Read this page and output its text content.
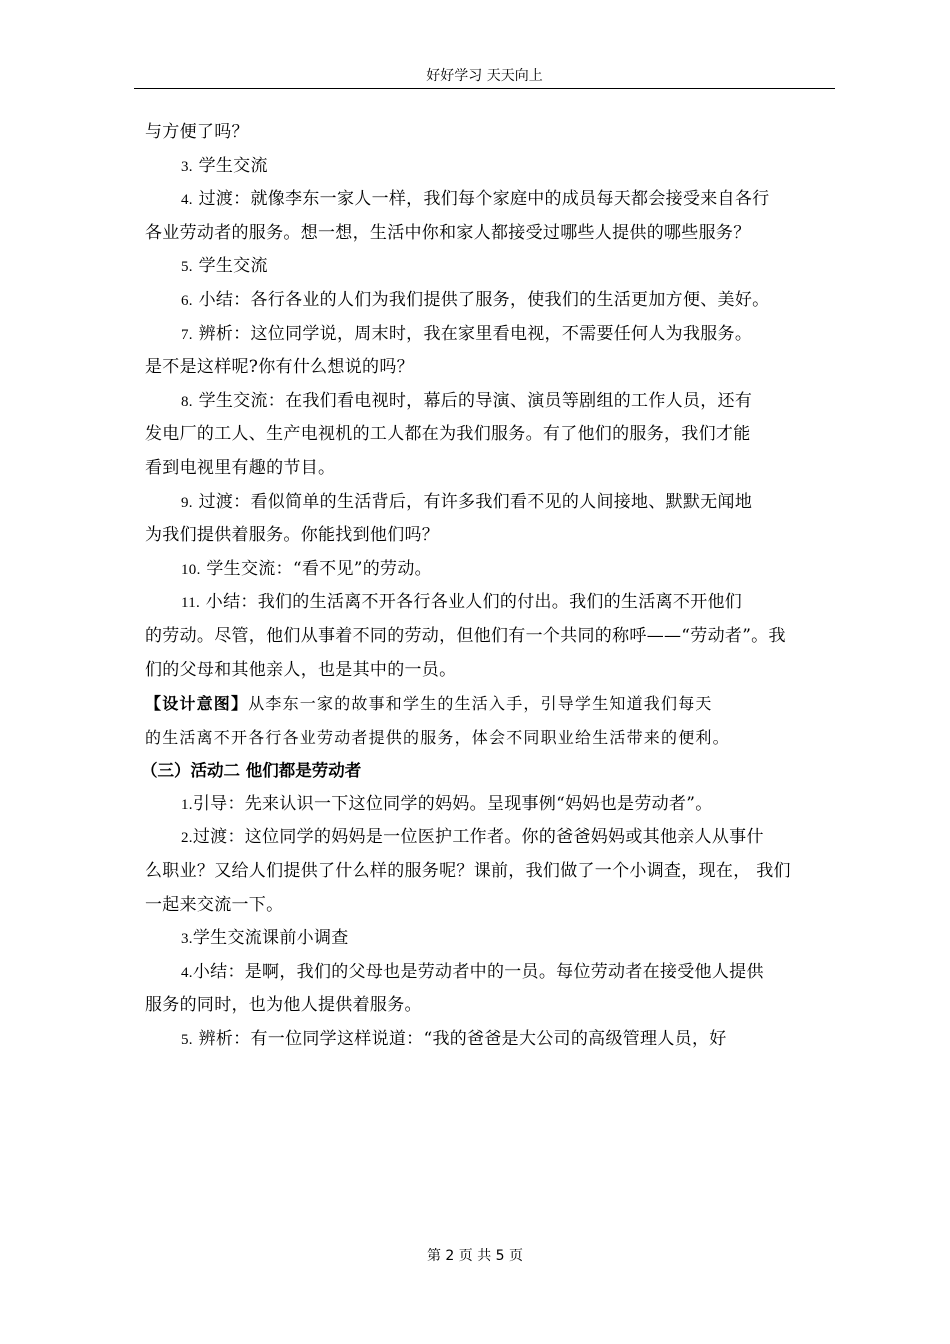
好好学习 天天向上
与方便了吗？
3. 学生交流
4. 过渡：就像李东一家人一样，我们每个家庭中的成员每天都会接受来自各行
各业劳动者的服务。想一想，生活中你和家人都接受过哪些人提供的哪些服务？
5. 学生交流
6. 小结：各行各业的人们为我们提供了服务，使我们的生活更加方便、美好。
7. 辨析：这位同学说，周末时，我在家里看电视，不需要任何人为我服务。
是不是这样呢?你有什么想说的吗？
8. 学生交流：在我们看电视时，幕后的导演、演员等剧组的工作人员，还有
发电厂的工人、生产电视机的工人都在为我们服务。有了他们的服务，我们才能
看到电视里有趣的节目。
9. 过渡：看似简单的生活背后，有许多我们看不见的人间接地、默默无闻地
为我们提供着服务。你能找到他们吗？
10. 学生交流：“看不见”的劳动。
11. 小结：我们的生活离不开各行各业人们的付出。我们的生活离不开他们
的劳动。尽管，他们从事着不同的劳动，但他们有一个共同的称呼——“劳动者”。我
们的父母和其他亲人，也是其中的一员。
【设计意图】从李东一家的故事和学生的生活入手，引导学生知道我们每天
的生活离不开各行各业劳动者提供的服务，体会不同职业给生活带来的便利。
（三）活动二 他们都是劳动者
1.引导：先来认识一下这位同学的妈妈。呈现事例“妈妈也是劳动者”。
2.过渡：这位同学的妈妈是一位医护工作者。你的爸爸妈妈或其他亲人从事什
么职业？又给人们提供了什么样的服务呢？课前，我们做了一个小调查，现在， 我们
一起来交流一下。
3.学生交流课前小调查
4.小结：是啊，我们的父母也是劳动者中的一员。每位劳动者在接受他人提供
服务的同时，也为他人提供着服务。
5. 辨析：有一位同学这样说道：“我的爸爸是大公司的高级管理人员，好
第 2 页 共 5 页
